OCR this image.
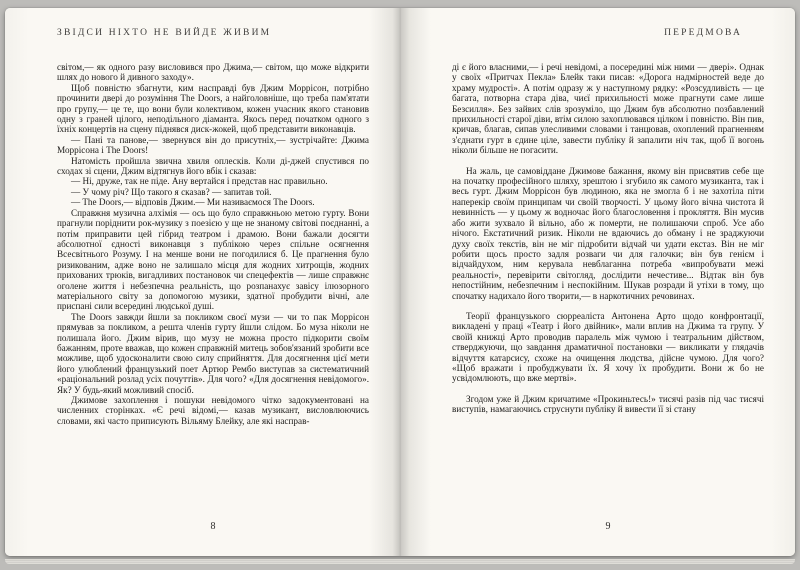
ЗВІДСИ НІХТО НЕ ВИЙДЕ ЖИВИМ

світом,— як одного разу висловився про Джима,— світом, що може відкрити шлях до нового й дивного заходу».

Щоб повністю збагнути, ким насправді був Джим Моррісон, потрібно прочинити двері до розуміння The Doors, а найголовніше, що треба пам'ятати про групу,— це те, що вони були колективом, кожен учасник якого становив одну з граней цілого, неподільного діаманта. Якось перед початком одного з їхніх концертів на сцену піднявся диск-жокей, щоб представити виконавців.

— Пані та панове,— звернувся він до присутніх,— зустрічайте: Джима Моррісона і The Doors!

Натомість пройшла звична хвиля оплесків. Коли ді-джей спустився по сходах зі сцени, Джим відтягнув його вбік і сказав:

— Ні, друже, так не піде. Ану вертайся і представ нас правильно.

— У чому річ? Що такого я сказав? — запитав той.

— The Doors,— відповів Джим.— Ми називаємося The Doors.

Справжня музична алхімія — ось що було справжньою метою гурту. Вони прагнули поріднити рок-музику з поезією у ще не знаному світові поєднанні, а потім приправити цей гібрид театром і драмою. Вони бажали досягти абсолютної єдності виконавця з публікою через спільне осягнення Всесвітнього Розуму. І на менше вони не погодилися б. Це прагнення було ризикованим, адже воно не залишало місця для жодних хитрощів, жодних прихованих трюків, вигадливих постановок чи спецефектів — лише справжнє оголене життя і небезпечна реальність, що розпанахує завісу ілюзорного матеріального світу за допомогою музики, здатної пробудити вічні, але приспані сили всередині людської душі.

The Doors завжди йшли за покликом своєї музи — чи то пак Моррісон прямував за покликом, а решта членів гурту йшли слідом. Бо муза ніколи не полишала його. Джим вірив, що музу не можна просто підкорити своїм бажанням, проте вважав, що кожен справжній митець зобов'язаний зробити все можливе, щоб удосконалити свою силу сприйняття. Для досягнення цієї мети його улюблений французький поет Артюр Рембо виступав за систематичний «раціональний розлад усіх почуттів». Для чого? «Для досягнення невідомого». Як? У будь-який можливий спосіб.

Джимове захоплення і пошуки невідомого чітко задокументовані на численних сторінках. «Є речі відомі,— казав музикант, висловлюючись словами, які часто приписують Вільяму Блейку, але які насправ-

8
ПЕРЕДМОВА

ді є його власними,— і речі невідомі, а посередині між ними — двері». Однак у своїх «Притчах Пекла» Блейк таки писав: «Дорога надмірностей веде до храму мудрості». А потім одразу ж у наступному рядку: «Розсудливість — це багата, потворна стара діва, чиєї прихильності може прагнути саме лише Безсилля». Без зайвих слів зрозуміло, що Джим був абсолютно позбавлений прихильності старої діви, втім силою захоплювався цілком і повністю. Він пив, кричав, благав, сипав улесливими словами і танцював, охоплений прагненням з'єднати гурт в єдине ціле, завести публіку й запалити ніч так, щоб її вогонь ніколи більше не погасити.

На жаль, це самовіддане Джимове бажання, якому він присвятив себе ще на початку професійного шляху, зрештою і згубило як самого музиканта, так і весь гурт. Джим Моррісон був людиною, яка не змогла б і не захотіла піти наперекір своїм принципам чи своїй творчості. У цьому його вічна чистота й невинність — у цьому ж водночас його благословення і прокляття. Він мусив або жити зухвало й вільно, або ж померти, не полишаючи спроб. Усе або нічого. Екстатичний ризик. Ніколи не вдаючись до обману і не зраджуючи духу своїх текстів, він не міг підробити відчай чи удати екстаз. Він не міг робити щось просто задля розваги чи для галочки; він був генієм і відчайдухом, ним керувала невблаганна потреба «випробувати межі реальності», перевірити світогляд, дослідити нечестиве... Відтак він був непостійним, небезпечним і неспокійним. Шукав розради й утіхи в тому, що спочатку надихало його творити,— в наркотичних речовинах.

Теорії французького сюрреаліста Антонена Арто щодо конфронтації, викладені у праці «Театр і його двійник», мали вплив на Джима та групу. У своїй книжці Арто проводив паралель між чумою і театральним дійством, стверджуючи, що завдання драматичної постановки — викликати у глядачів відчуття катарсису, схоже на очищення людства, дійсне чумою. Для чого? «Щоб вражати і пробуджувати їх. Я хочу їх пробудити. Вони ж бо не усвідомлюють, що вже мертві».

Згодом уже й Джим кричатиме «Прокиньтесь!» тисячі разів під час тисячі виступів, намагаючись струснути публіку й вивести її зі стану

9
